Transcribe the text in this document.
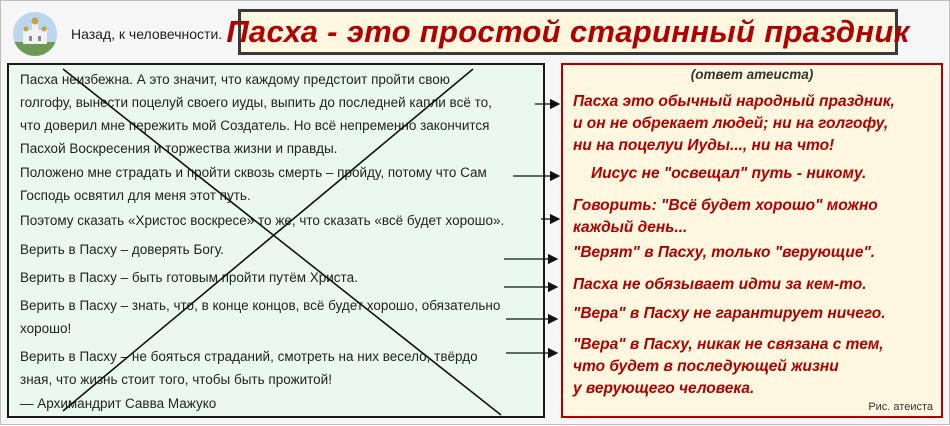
Назад, к человечности. Пасха - это простой старинный праздник
Пасха неизбежна. А это значит, что каждому предстоит пройти свою
голгофу, вынести поцелуй своего иуды, выпить до последней капли всё то,
что доверил мне пережить мой Создатель. Но всё непременно закончится
Пасхой Воскресения и торжества жизни и правды.
Положено мне страдать и пройти сквозь смерть – пройду, потому что Сам
Господь освятил для меня этот путь.
Поэтому сказать «Христос воскресе» то же, что сказать «всё будет хорошо».
Верить в Пасху – доверять Богу.
Верить в Пасху – быть готовым пройти путём Христа.
Верить в Пасху – знать, что, в конце концов, всё будет хорошо, обязательно
хорошо!
Верить в Пасху – не бояться страданий, смотреть на них весело, твёрдо
зная, что жизнь стоит того, чтобы быть прожитой!
— Архимандрит Савва Мажуко
(ответ атеиста)
Пасха это обычный народный праздник,
и он не обрекает людей; ни на голгофу,
ни на поцелуи Иуды..., ни на что!
Иисус не "освещал" путь - никому.
Говорить: "Всё будет хорошо" можно
каждый день...
"Верят" в Пасху, только "верующие".
Пасха не обязывает идти за кем-то.
"Вера" в Пасху не гарантирует ничего.
"Вера" в Пасху, никак не связана с тем,
что будет в последующей жизни
у верующего человека.
Рис. атеиста
